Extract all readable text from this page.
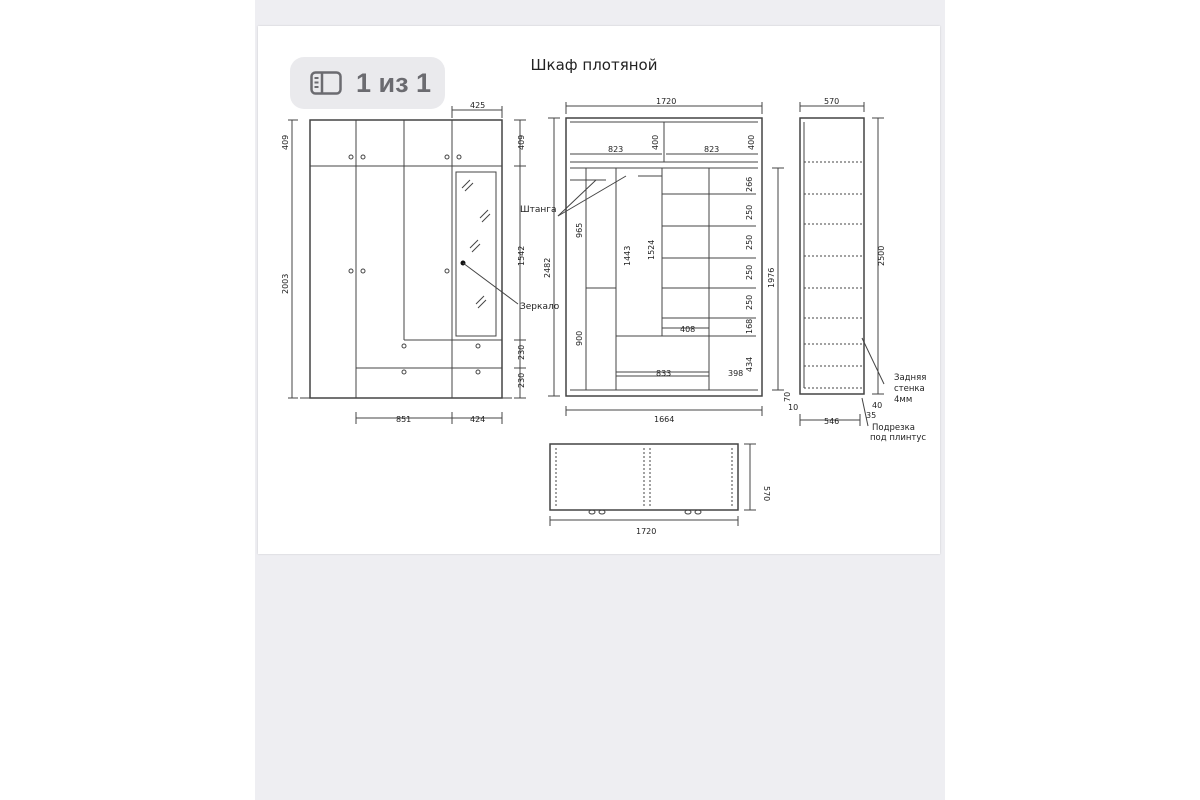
Шкаф плотяной
425
409	409
2003
1542
230
230
851	424
Зеркало
1720
823	823
400	400
2482
965
1443 1524
900
408
833	398
266
250
250
250
250
168
434
1976
1664
Штанга
570
2500
70
10	40
546
35
Задняя
стенка
4мм
Подрезка
под плинтус
1720
570
1 из 1
